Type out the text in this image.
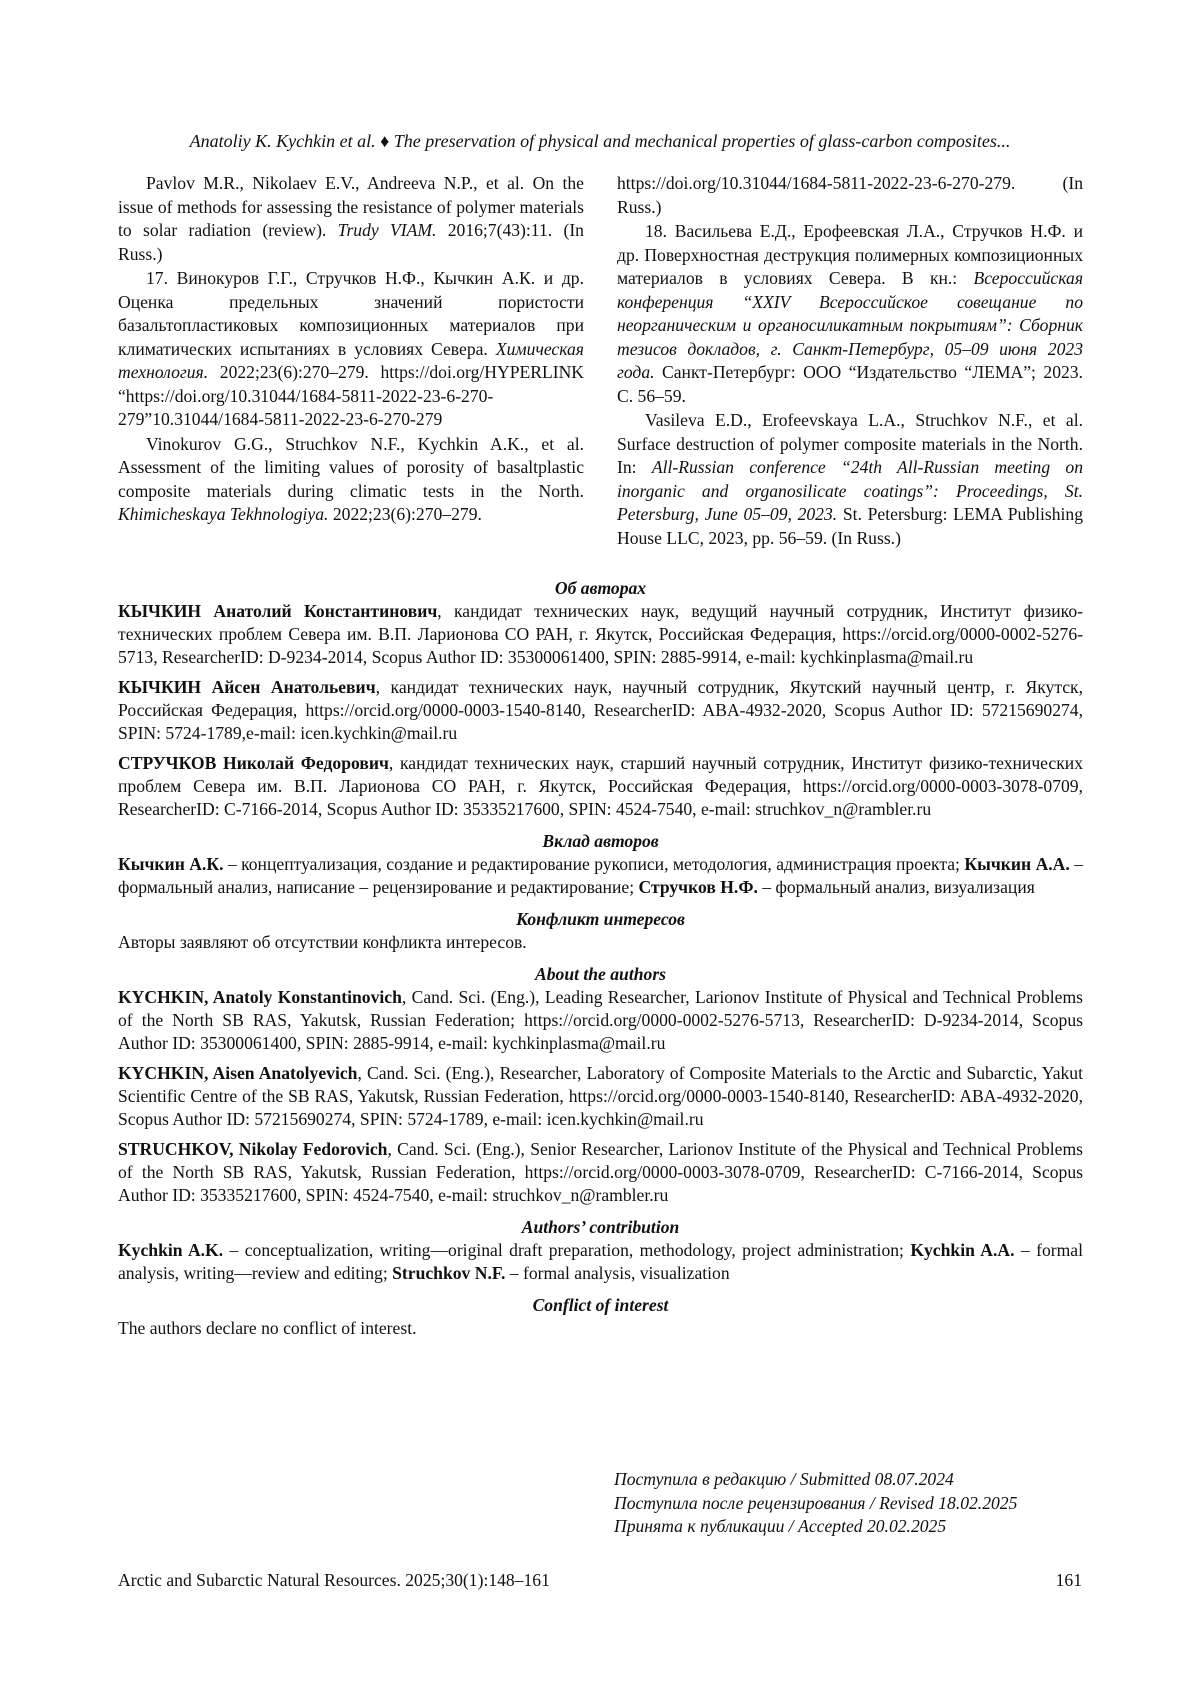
Anatoliy K. Kychkin et al. ♦ The preservation of physical and mechanical properties of glass-carbon composites...

Pavlov M.R., Nikolaev E.V., Andreeva N.P., et al. On the issue of methods for assessing the resistance of polymer materials to solar radiation (review). Trudy VIAM. 2016;7(43):11. (In Russ.)

17. Винокуров Г.Г., Стручков Н.Ф., Кычкин А.К. и др. Оценка предельных значений пористости базальтопластиковых композиционных материалов при климатических испытаниях в условиях Севера. Химическая технология. 2022;23(6):270–279. https://doi.org/HYPERLINK “https://doi.org/10.31044/1684-5811-2022-23-6-270-279”10.31044/1684-5811-2022-23-6-270-279

Vinokurov G.G., Struchkov N.F., Kychkin A.K., et al. Assessment of the limiting values of porosity of basaltplastic composite materials during climatic tests in the North. Khimicheskaya Tekhnologiya. 2022;23(6):270–279.

https://doi.org/10.31044/1684-5811-2022-23-6-270-279. (In Russ.)

18. Васильева Е.Д., Ерофеевская Л.А., Стручков Н.Ф. и др. Поверхностная деструкция полимерных композиционных материалов в условиях Севера. В кн.: Всероссийская конференция “XXIV Всероссийское совещание по неорганическим и органосиликатным покрытиям”: Сборник тезисов докладов, г. Санкт-Петербург, 05–09 июня 2023 года. Санкт-Петербург: ООО “Издательство “ЛЕМА”; 2023. С. 56–59.

Vasileva E.D., Erofeevskaya L.A., Struchkov N.F., et al. Surface destruction of polymer composite materials in the North. In: All-Russian conference “24th All-Russian meeting on inorganic and organosilicate coatings”: Proceedings, St. Petersburg, June 05–09, 2023. St. Petersburg: LEMA Publishing House LLC, 2023, pp. 56–59. (In Russ.)

Об авторах

КЫЧКИН Анатолий Константинович, кандидат технических наук, ведущий научный сотрудник, Институт физико-технических проблем Севера им. В.П. Ларионова СО РАН, г. Якутск, Российская Федерация, https://orcid.org/0000-0002-5276-5713, ResearcherID: D-9234-2014, Scopus Author ID: 35300061400, SPIN: 2885-9914, e-mail: kychkinplasma@mail.ru

КЫЧКИН Айсен Анатольевич, кандидат технических наук, научный сотрудник, Якутский научный центр, г. Якутск, Российская Федерация, https://orcid.org/0000-0003-1540-8140, ResearcherID: ABA-4932-2020, Scopus Author ID: 57215690274, SPIN: 5724-1789,e-mail: icen.kychkin@mail.ru

СТРУЧКОВ Николай Федорович, кандидат технических наук, старший научный сотрудник, Институт физико-технических проблем Севера им. В.П. Ларионова СО РАН, г. Якутск, Российская Федерация, https://orcid.org/0000-0003-3078-0709, ResearcherID: C-7166-2014, Scopus Author ID: 35335217600, SPIN: 4524-7540, e-mail: struchkov_n@rambler.ru

Вклад авторов

Кычкин А.К. – концептуализация, создание и редактирование рукописи, методология, администрация проекта; Кычкин А.А. – формальный анализ, написание – рецензирование и редактирование; Стручков Н.Ф. – формальный анализ, визуализация

Конфликт интересов

Авторы заявляют об отсутствии конфликта интересов.

About the authors

KYCHKIN, Anatoly Konstantinovich, Cand. Sci. (Eng.), Leading Researcher, Larionov Institute of Physical and Technical Problems of the North SB RAS, Yakutsk, Russian Federation; https://orcid.org/0000-0002-5276-5713, ResearcherID: D-9234-2014, Scopus Author ID: 35300061400, SPIN: 2885-9914, e-mail: kychkinplasma@mail.ru

KYCHKIN, Aisen Anatolyevich, Cand. Sci. (Eng.), Researcher, Laboratory of Composite Materials to the Arctic and Subarctic, Yakut Scientific Centre of the SB RAS, Yakutsk, Russian Federation, https://orcid.org/0000-0003-1540-8140, ResearcherID: ABA-4932-2020, Scopus Author ID: 57215690274, SPIN: 5724-1789, e-mail: icen.kychkin@mail.ru

STRUCHKOV, Nikolay Fedorovich, Cand. Sci. (Eng.), Senior Researcher, Larionov Institute of the Physical and Technical Problems of the North SB RAS, Yakutsk, Russian Federation, https://orcid.org/0000-0003-3078-0709, ResearcherID: C-7166-2014, Scopus Author ID: 35335217600, SPIN: 4524-7540, e-mail: struchkov_n@rambler.ru

Authors’ contribution

Kychkin A.K. – conceptualization, writing—original draft preparation, methodology, project administration; Kychkin A.A. – formal analysis, writing—review and editing; Struchkov N.F. – formal analysis, visualization

Conflict of interest

The authors declare no conflict of interest.

Поступила в редакцию / Submitted 08.07.2024
Поступила после рецензирования / Revised 18.02.2025
Принята к публикации / Accepted 20.02.2025
Arctic and Subarctic Natural Resources. 2025;30(1):148–161	161
